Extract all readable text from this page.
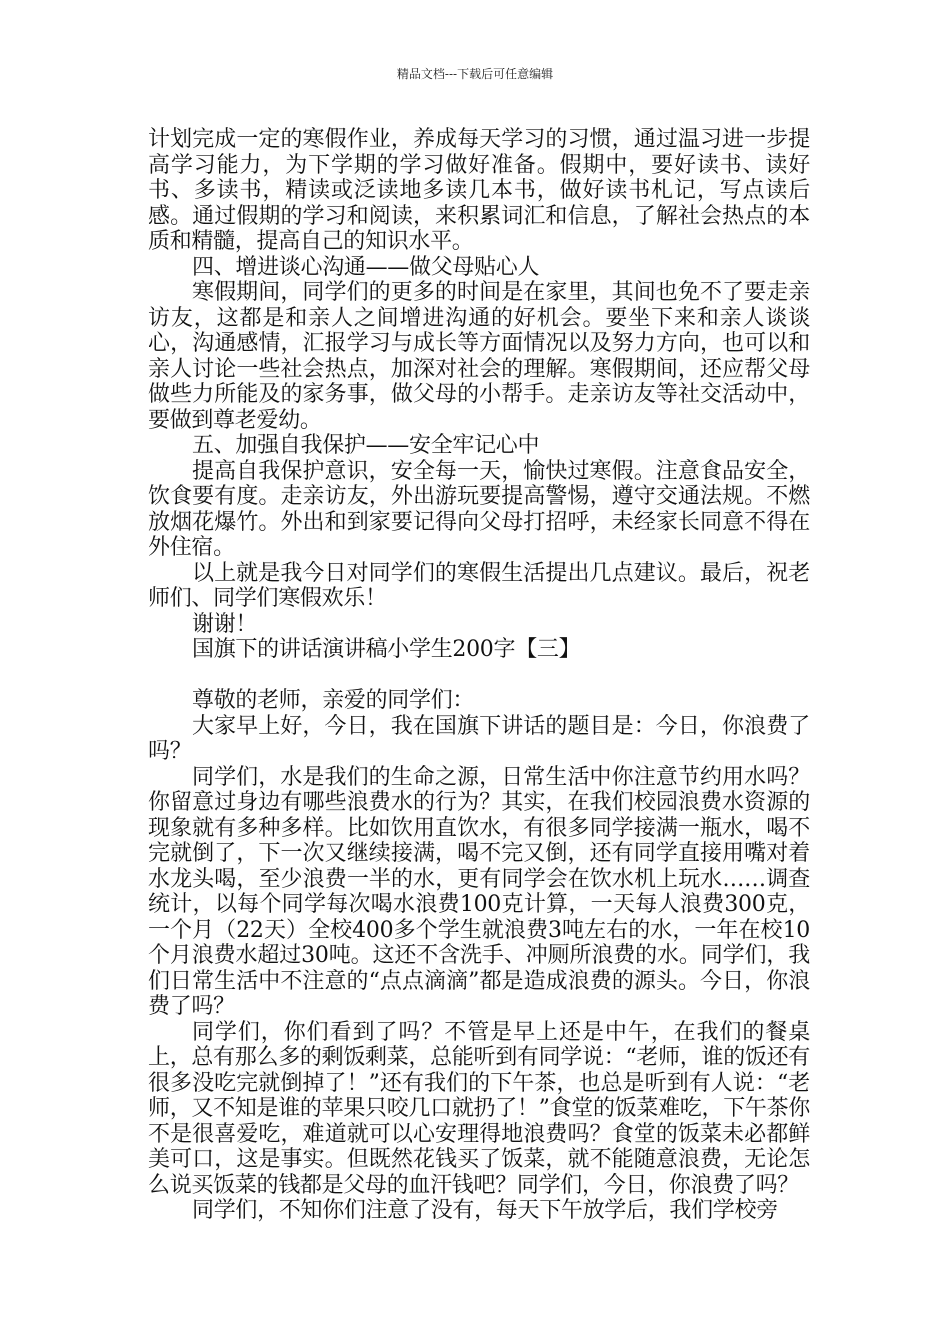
精品文档---下载后可任意编辑

计划完成一定的寒假作业，养成每天学习的习惯，通过温习进一步提高学习能力，为下学期的学习做好准备。假期中，要好读书、读好书、多读书，精读或泛读地多读几本书，做好读书札记，写点读后感。通过假期的学习和阅读，来积累词汇和信息，了解社会热点的本质和精髓，提高自己的知识水平。

四、增进谈心沟通——做父母贴心人

寒假期间，同学们的更多的时间是在家里，其间也免不了要走亲访友，这都是和亲人之间增进沟通的好机会。要坐下来和亲人谈谈心，沟通感情，汇报学习与成长等方面情况以及努力方向，也可以和亲人讨论一些社会热点，加深对社会的理解。寒假期间，还应帮父母做些力所能及的家务事，做父母的小帮手。走亲访友等社交活动中，要做到尊老爱幼。

五、加强自我保护——安全牢记心中

提高自我保护意识，安全每一天，愉快过寒假。注意食品安全，饮食要有度。走亲访友，外出游玩要提高警惕，遵守交通法规。不燃放烟花爆竹。外出和到家要记得向父母打招呼，未经家长同意不得在外住宿。

以上就是我今日对同学们的寒假生活提出几点建议。最后，祝老师们、同学们寒假欢乐！

谢谢！

国旗下的讲话演讲稿小学生200字【三】

尊敬的老师，亲爱的同学们：

大家早上好，今日，我在国旗下讲话的题目是：今日，你浪费了吗？

同学们，水是我们的生命之源，日常生活中你注意节约用水吗？你留意过身边有哪些浪费水的行为？其实，在我们校园浪费水资源的现象就有多种多样。比如饮用直饮水，有很多同学接满一瓶水，喝不完就倒了，下一次又继续接满，喝不完又倒，还有同学直接用嘴对着水龙头喝，至少浪费一半的水，更有同学会在饮水机上玩水……调查统计，以每个同学每次喝水浪费100克计算，一天每人浪费300克，一个月（22天）全校400多个学生就浪费3吨左右的水，一年在校10个月浪费水超过30吨。这还不含洗手、冲厕所浪费的水。同学们，我们日常生活中不注意的“点点滴滴”都是造成浪费的源头。今日，你浪费了吗？

同学们，你们看到了吗？不管是早上还是中午，在我们的餐桌上，总有那么多的剩饭剩菜，总能听到有同学说：“老师，谁的饭还有很多没吃完就倒掉了！”还有我们的下午茶，也总是听到有人说：“老师，又不知是谁的苹果只咬几口就扔了！”食堂的饭菜难吃，下午茶你不是很喜爱吃，难道就可以心安理得地浪费吗？食堂的饭菜未必都鲜美可口，这是事实。但既然花钱买了饭菜，就不能随意浪费，无论怎么说买饭菜的钱都是父母的血汗钱吧？同学们，今日，你浪费了吗？

同学们，不知你们注意了没有，每天下午放学后，我们学校旁
